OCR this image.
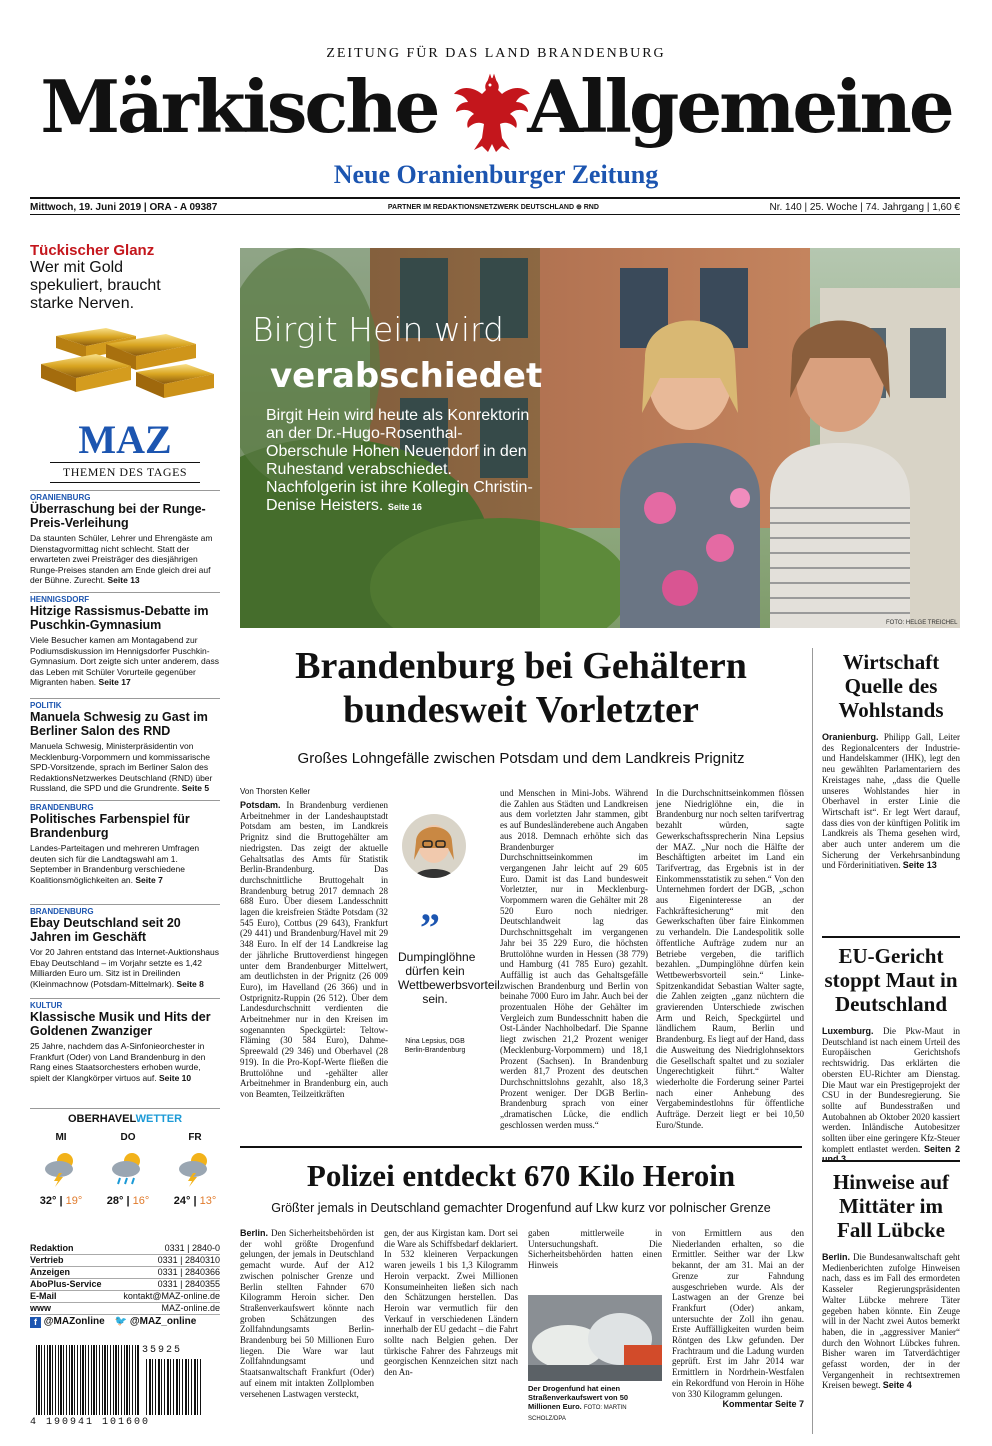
ZEITUNG FÜR DAS LAND BRANDENBURG
Märkische Allgemeine
Neue Oranienburger Zeitung
Mittwoch, 19. Juni 2019 | ORA - A 09387	PARTNER IM REDAKTIONSNETZWERK DEUTSCHLAND ⊕ RND	Nr. 140 | 25. Woche | 74. Jahrgang | 1,60 €
Tückischer Glanz
Wer mit Gold spekuliert, braucht starke Nerven.
MAZ
THEMEN DES TAGES
ORANIENBURG
Überraschung bei der Runge-Preis-Verleihung
Da staunten Schüler, Lehrer und Ehrengäste am Dienstagvormittag nicht schlecht. Statt der erwarteten zwei Preisträger des diesjährigen Runge-Preises standen am Ende gleich drei auf der Bühne. Zurecht. Seite 13
HENNIGSDORF
Hitzige Rassismus-Debatte im Puschkin-Gymnasium
Viele Besucher kamen am Montagabend zur Podiumsdiskussion im Hennigsdorfer Puschkin-Gymnasium. Dort zeigte sich unter anderem, dass das Leben mit Schüler Vorurteile gegenüber Migranten haben. Seite 17
POLITIK
Manuela Schwesig zu Gast im Berliner Salon des RND
Manuela Schwesig, Ministerpräsidentin von Mecklenburg-Vorpommern und kommissarische SPD-Vorsitzende, sprach im Berliner Salon des RedaktionsNetzwerkes Deutschland (RND) über Russland, die SPD und die Grundrente. Seite 5
BRANDENBURG
Politisches Farbenspiel für Brandenburg
Landes-Parteitagen und mehreren Umfragen deuten sich für die Landtagswahl am 1. September in Brandenburg verschiedene Koalitionsmöglichkeiten an. Seite 7
BRANDENBURG
Ebay Deutschland seit 20 Jahren im Geschäft
Vor 20 Jahren entstand das Internet-Auktionshaus Ebay Deutschland – im Vorjahr setzte es 1,42 Milliarden Euro um. Sitz ist in Dreilinden (Kleinmachnow (Potsdam-Mittelmark). Seite 8
KULTUR
Klassische Musik und Hits der Goldenen Zwanziger
25 Jahre, nachdem das A-Sinfonieorchester in Frankfurt (Oder) von Land Brandenburg in den Rang eines Staatsorchesters erhoben wurde, spielt der Klangkörper virtuos auf. Seite 10
OBERHAVELWETTER
MI
32° | 19°
DO
28° | 16°
FR
24° | 13°
Redaktion	0331 | 2840-0
Vertrieb	0331 | 2840310
Anzeigen	0331 | 2840366
AboPlus-Service	0331 | 2840355
E-Mail	kontakt@MAZ-online.de
www	MAZ-online.de
f @MAZonline 🐦 @MAZ_online
35925
4 190941 101600
Birgit Hein wird
verabschiedet
Birgit Hein wird heute als Konrektorin an der Dr.-Hugo-Rosenthal-Oberschule Hohen Neuendorf in den Ruhestand verabschiedet. Nachfolgerin ist ihre Kollegin Christin-Denise Heisters. Seite 16
FOTO: HELGE TREICHEL
Brandenburg bei Gehältern bundesweit Vorletzter
Großes Lohngefälle zwischen Potsdam und dem Landkreis Prignitz
Von Thorsten Keller
Potsdam. In Brandenburg verdienen Arbeitnehmer in der Landeshauptstadt Potsdam am besten, im Landkreis Prignitz sind die Bruttogehälter am niedrigsten. Das zeigt der aktuelle Gehaltsatlas des Amts für Statistik Berlin-Brandenburg. Das durchschnittliche Bruttogehalt in Brandenburg betrug 2017 demnach 28 688 Euro. Über diesem Landesschnitt lagen die kreisfreien Städte Potsdam (32 545 Euro), Cottbus (29 643), Frankfurt (29 441) und Brandenburg/Havel mit 29 348 Euro. In elf der 14 Landkreise lag der jährliche Bruttoverdienst hingegen unter dem Brandenburger Mittelwert, am deutlichsten in der Prignitz (26 009 Euro), im Havelland (26 366) und in Ostprignitz-Ruppin (26 512). Über dem Landesdurchschnitt verdienten die Arbeitnehmer nur in den Kreisen im sogenannten Speckgürtel: Teltow-Fläming (30 584 Euro), Dahme-Spreewald (29 346) und Oberhavel (28 919). In die Pro-Kopf-Werte fließen die Bruttolöhne und -gehälter aller Arbeitnehmer in Brandenburg ein, auch von Beamten, Teilzeitkräften
”
Dumpinglöhne dürfen kein Wettbewerbsvorteil sein.
Nina Lepsius, DGB Berlin-Brandenburg
und Menschen in Mini-Jobs. Während die Zahlen aus Städten und Landkreisen aus dem vorletzten Jahr stammen, gibt es auf Bundesländerebene auch Angaben aus 2018. Demnach erhöhte sich das Brandenburger Durchschnittseinkommen im vergangenen Jahr leicht auf 29 605 Euro. Damit ist das Land bundesweit Vorletzter, nur in Mecklenburg-Vorpommern waren die Gehälter mit 28 520 Euro noch niedriger. Deutschlandweit lag das Durchschnittsgehalt im vergangenen Jahr bei 35 229 Euro, die höchsten Bruttolöhne wurden in Hessen (38 779) und Hamburg (41 785 Euro) gezahlt. Auffällig ist auch das Gehaltsgefälle zwischen Brandenburg und Berlin von beinahe 7000 Euro im Jahr. Auch bei der prozentualen Höhe der Gehälter im Vergleich zum Bundesschnitt haben die Ost-Länder Nachholbedarf. Die Spanne liegt zwischen 21,2 Prozent weniger (Mecklenburg-Vorpommern) und 18,1 Prozent (Sachsen). In Brandenburg werden 81,7 Prozent des deutschen Durchschnittslohns gezahlt, also 18,3 Prozent weniger. Der DGB Berlin-Brandenburg sprach von einer „dramatischen Lücke, die endlich geschlossen werden muss.“
In die Durchschnittseinkommen flössen jene Niedriglöhne ein, die in Brandenburg nur noch selten tarifvertrag bezahlt würden, sagte Gewerkschaftssprecherin Nina Lepsius der MAZ. „Nur noch die Hälfte der Beschäftigten arbeitet im Land ein Tarifvertrag, das Ergebnis ist in der Einkommensstatistik zu sehen.“ Von den Unternehmen fordert der DGB, „schon aus Eigeninteresse an der Fachkräftesicherung“ mit den Gewerkschaften über faire Einkommen zu verhandeln. Die Landespolitik solle öffentliche Aufträge zudem nur an Betriebe vergeben, die tariflich bezahlen. „Dumpinglöhne dürfen kein Wettbewerbsvorteil sein.“ Linke-Spitzenkandidat Sebastian Walter sagte, die Zahlen zeigten „ganz nüchtern die gravierenden Unterschiede zwischen Arm und Reich, Speckgürtel und ländlichem Raum, Berlin und Brandenburg. Es liegt auf der Hand, dass die Ausweitung des Niedriglohnsektors die Gesellschaft spaltet und zu sozialer Ungerechtigkeit führt.“ Walter wiederholte die Forderung seiner Partei nach einer Anhebung des Vergabemindestlohns für öffentliche Aufträge. Derzeit liegt er bei 10,50 Euro/Stunde.
Wirtschaft Quelle des Wohlstands
Oranienburg. Philipp Gall, Leiter des Regionalcenters der Industrie- und Handelskammer (IHK), legt den neu gewählten Parlamentariern des Kreistages nahe, „dass die Quelle unseres Wohlstandes hier in Oberhavel in erster Linie die Wirtschaft ist“. Er legt Wert darauf, dass dies von der künftigen Politik im Landkreis als Thema gesehen wird, aber auch unter anderem um die Sicherung der Verkehrsanbindung und Förderinitiativen. Seite 13
EU-Gericht stoppt Maut in Deutschland
Luxemburg. Die Pkw-Maut in Deutschland ist nach einem Urteil des Europäischen Gerichtshofs rechtswidrig. Das erklärten die obersten EU-Richter am Dienstag. Die Maut war ein Prestigeprojekt der CSU in der Bundesregierung. Sie sollte auf Bundesstraßen und Autobahnen ab Oktober 2020 kassiert werden. Inländische Autobesitzer sollten über eine geringere Kfz-Steuer komplett entlastet werden. Seiten 2 und 3
Hinweise auf Mittäter im Fall Lübcke
Berlin. Die Bundesanwaltschaft geht Medienberichten zufolge Hinweisen nach, dass es im Fall des ermordeten Kasseler Regierungspräsidenten Walter Lübcke mehrere Täter gegeben haben könnte. Ein Zeuge will in der Nacht zwei Autos bemerkt haben, die in „aggressiver Manier“ durch den Wohnort Lübckes fuhren. Bisher waren im Tatverdächtiger gefasst worden, der in der Vergangenheit in rechtsextremen Kreisen bewegt. Seite 4
Polizei entdeckt 670 Kilo Heroin
Größter jemals in Deutschland gemachter Drogenfund auf Lkw kurz vor polnischer Grenze
Berlin. Den Sicherheitsbehörden ist der wohl größte Drogenfund gelungen, der jemals in Deutschland gemacht wurde. Auf der A12 zwischen polnischer Grenze und Berlin stellten Fahnder 670 Kilogramm Heroin sicher. Den Straßenverkaufswert könnte nach groben Schätzungen des Zollfahndungsamts Berlin-Brandenburg bei 50 Millionen Euro liegen. Die Ware war laut Zollfahndungsamt und Staatsanwaltschaft Frankfurt (Oder) auf einem mit intakten Zollplomben versehenen Lastwagen versteckt,
gen, der aus Kirgistan kam. Dort sei die Ware als Schiffsbedarf deklariert. In 532 kleineren Verpackungen waren jeweils 1 bis 1,3 Kilogramm Heroin verpackt. Zwei Millionen Konsumeinheiten ließen sich nach den Schätzungen herstellen. Das Heroin war vermutlich für den Verkauf in verschiedenen Ländern innerhalb der EU gedacht – die Fahrt sollte nach Belgien gehen. Der türkische Fahrer des Fahrzeugs mit georgischen Kennzeichen sitzt nach den An-
gaben mittlerweile in Untersuchungshaft. Die Sicherheitsbehörden hatten einen Hinweis
Der Drogenfund hat einen Straßenverkaufswert von 50 Millionen Euro. FOTO: MARTIN SCHOLZ/DPA
von Ermittlern aus den Niederlanden erhalten, so die Ermittler. Seither war der Lkw bekannt, der am 31. Mai an der Grenze zur Fahndung ausgeschrieben wurde. Als der Lastwagen an der Grenze bei Frankfurt (Oder) ankam, untersuchte der Zoll ihn genau. Erste Auffälligkeiten wurden beim Röntgen des Lkw gefunden. Der Frachtraum und die Ladung wurden geprüft. Erst im Jahr 2014 war Ermittlern in Nordrhein-Westfalen ein Rekordfund von Heroin in Höhe von 330 Kilogramm gelungen.

Kommentar Seite 7
